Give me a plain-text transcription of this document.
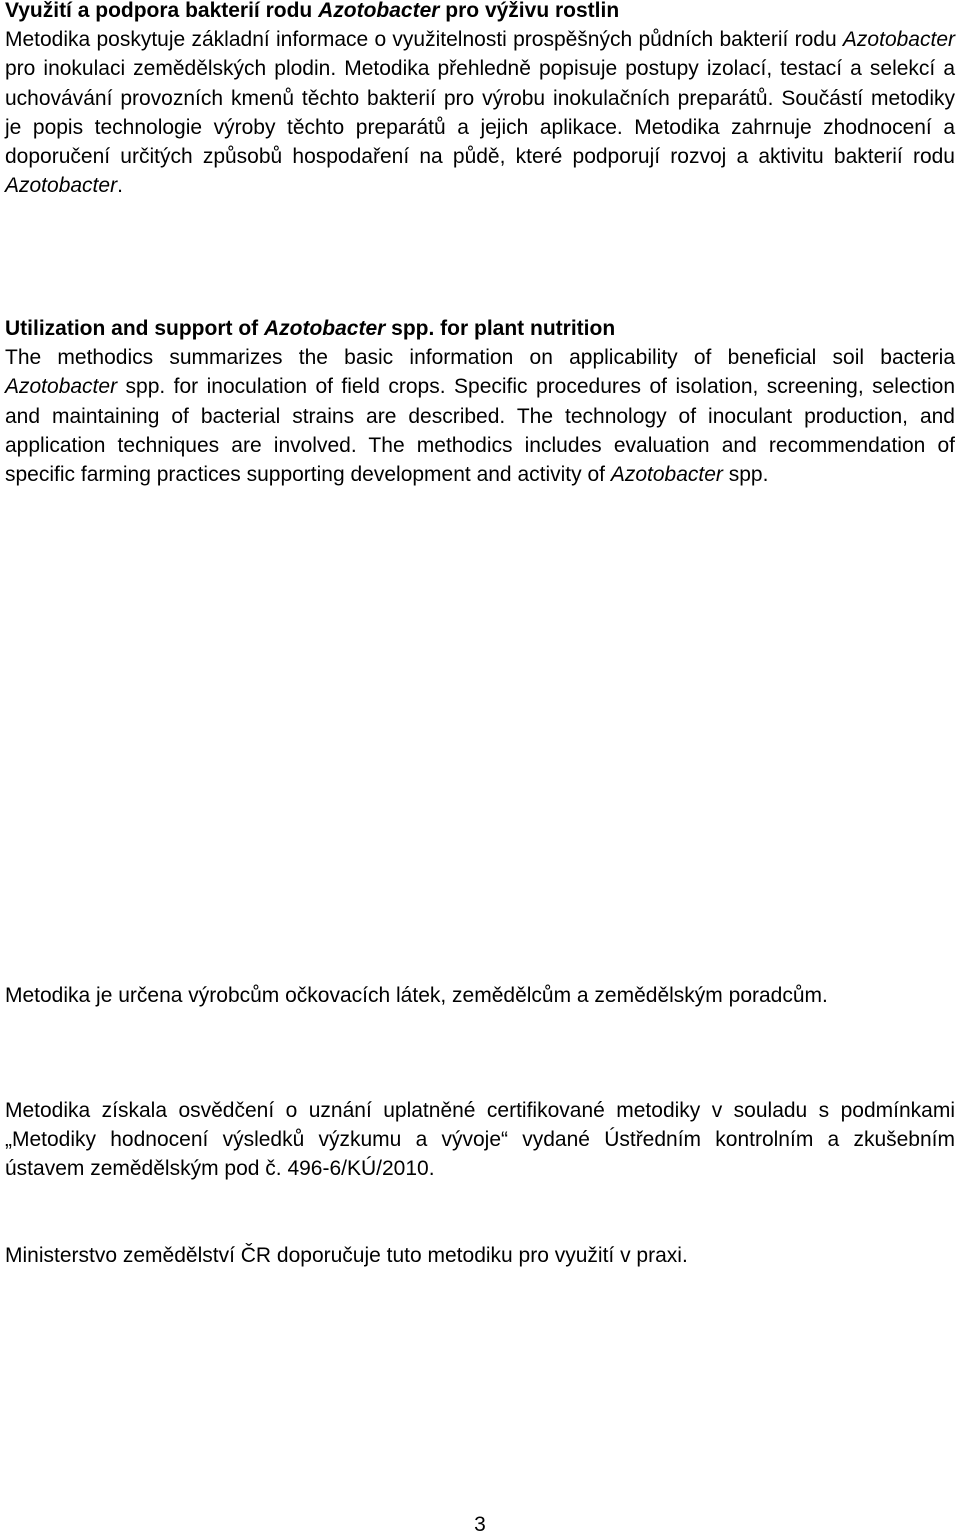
Využití a podpora bakterií rodu Azotobacter pro výživu rostlin
Metodika poskytuje základní informace o využitelnosti prospěšných půdních bakterií rodu Azotobacter pro inokulaci zemědělských plodin. Metodika přehledně popisuje postupy izolací, testací a selekcí a uchovávání provozních kmenů těchto bakterií pro výrobu inokulačních preparátů. Součástí metodiky je popis technologie výroby těchto preparátů a jejich aplikace. Metodika zahrnuje zhodnocení a doporučení určitých způsobů hospodaření na půdě, které podporují rozvoj a aktivitu bakterií rodu Azotobacter.
Utilization and support of Azotobacter spp. for plant nutrition
The methodics summarizes the basic information on applicability of beneficial soil bacteria Azotobacter spp. for inoculation of field crops. Specific procedures of isolation, screening, selection and maintaining of bacterial strains are described. The technology of inoculant production, and application techniques are involved. The methodics includes evaluation and recommendation of specific farming practices supporting development and activity of Azotobacter spp.
Metodika je určena výrobcům očkovacích látek, zemědělcům a zemědělským poradcům.
Metodika získala osvědčení o uznání uplatněné certifikované metodiky v souladu s podmínkami „Metodiky hodnocení výsledků výzkumu a vývoje“ vydané Ústředním kontrolním a zkušebním ústavem zemědělským pod č. 496-6/KÚ/2010.
Ministerstvo zemědělství ČR doporučuje tuto metodiku pro využití v praxi.
3
